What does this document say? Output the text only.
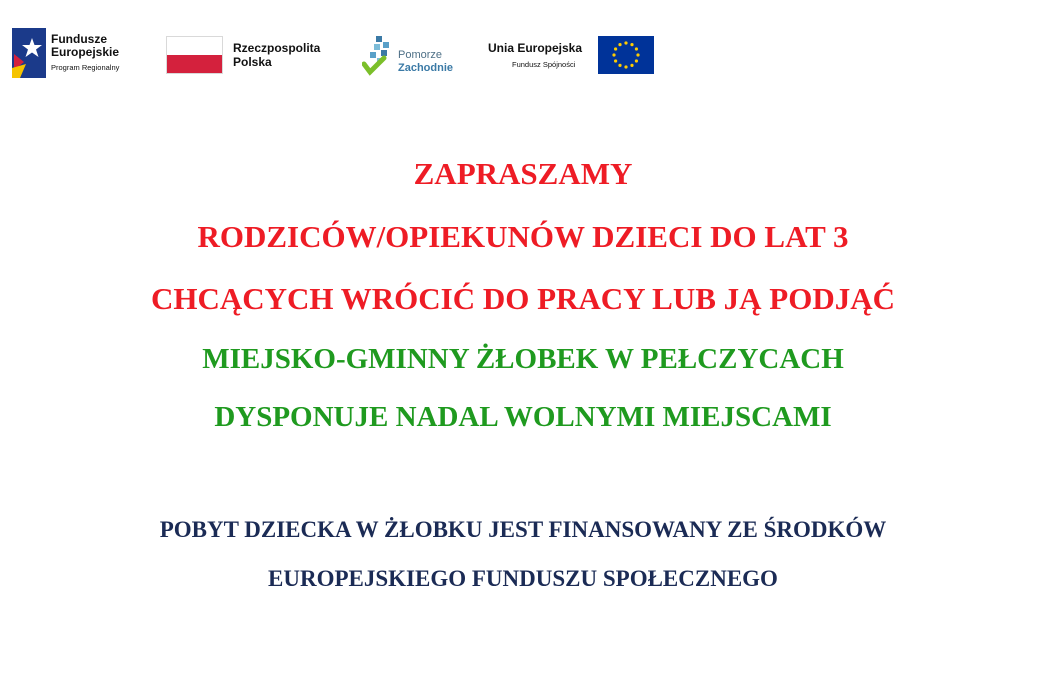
Fundusze
Europejskie
Program Regionalny
Rzeczpospolita
Polska	Pomorze
Zachodnie
Unia Europejska
Fundusz Spójności
ZAPRASZAMY
RODZICÓW/OPIEKUNÓW DZIECI DO LAT 3
CHCĄCYCH WRÓCIĆ DO PRACY LUB JĄ PODJĄĆ
MIEJSKO-GMINNY ŻŁOBEK W PEŁCZYCACH
DYSPONUJE NADAL WOLNYMI MIEJSCAMI
POBYT DZIECKA W ŻŁOBKU JEST FINANSOWANY ZE ŚRODKÓW
EUROPEJSKIEGO FUNDUSZU SPOŁECZNEGO
